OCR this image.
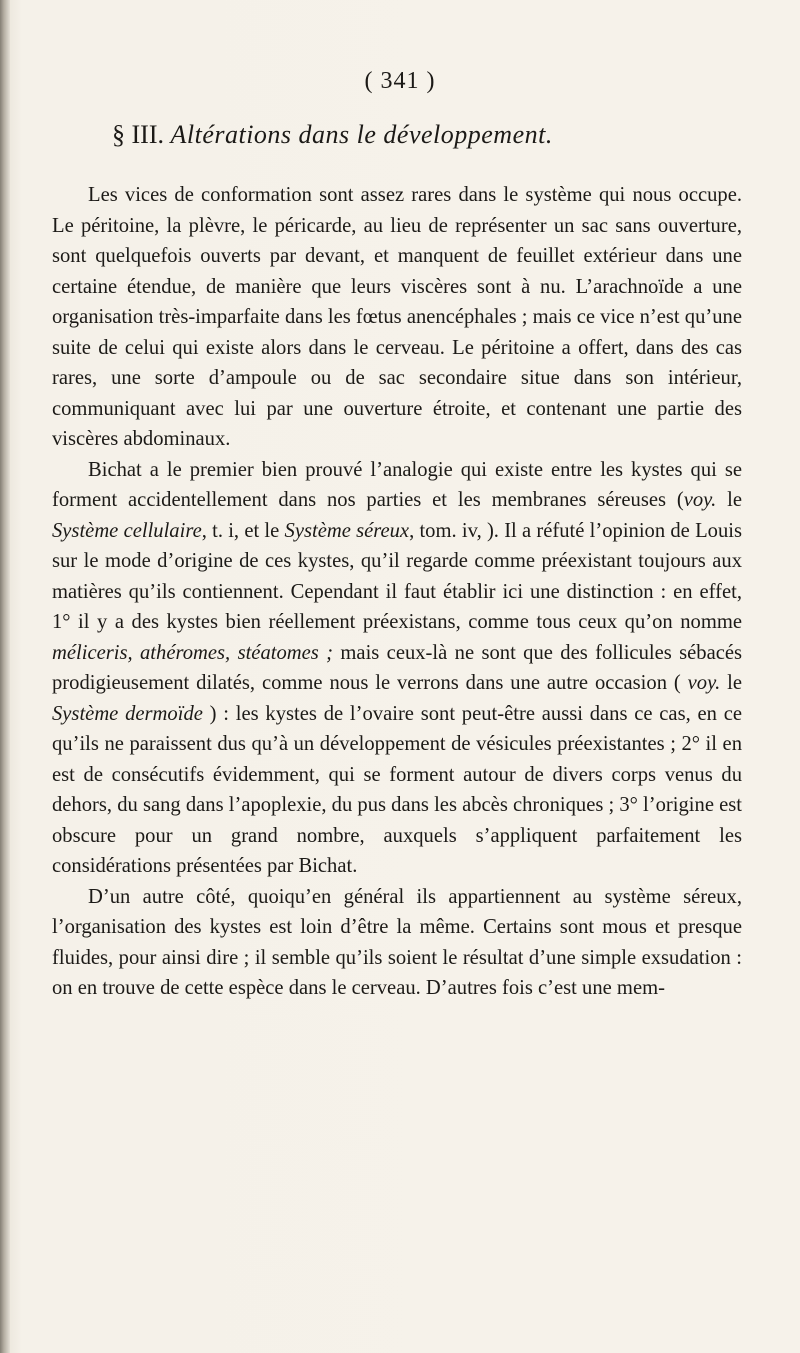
( 341 )
§ III. Altérations dans le développement.

Les vices de conformation sont assez rares dans le système qui nous occupe. Le péritoine, la plèvre, le péricarde, au lieu de représenter un sac sans ouverture, sont quelquefois ouverts par devant, et manquent de feuillet extérieur dans une certaine étendue, de manière que leurs viscères sont à nu. L’arachnoïde a une organisation très-imparfaite dans les fœtus anencéphales ; mais ce vice n’est qu’une suite de celui qui existe alors dans le cerveau. Le péritoine a offert, dans des cas rares, une sorte d’ampoule ou de sac secondaire situe dans son intérieur, communiquant avec lui par une ouverture étroite, et contenant une partie des viscères abdominaux.

Bichat a le premier bien prouvé l’analogie qui existe entre les kystes qui se forment accidentellement dans nos parties et les membranes séreuses (voy. le Système cellulaire, t. i, et le Système séreux, tom. iv, ). Il a réfuté l’opinion de Louis sur le mode d’origine de ces kystes, qu’il regarde comme préexistant toujours aux matières qu’ils contiennent. Cependant il faut établir ici une distinction : en effet, 1° il y a des kystes bien réellement préexistans, comme tous ceux qu’on nomme méliceris, athéromes, stéatomes ; mais ceux-là ne sont que des follicules sébacés prodigieusement dilatés, comme nous le verrons dans une autre occasion ( voy. le Système dermoïde ) : les kystes de l’ovaire sont peut-être aussi dans ce cas, en ce qu’ils ne paraissent dus qu’à un développement de vésicules préexistantes ; 2° il en est de consécutifs évidemment, qui se forment autour de divers corps venus du dehors, du sang dans l’apoplexie, du pus dans les abcès chroniques ; 3° l’origine est obscure pour un grand nombre, auxquels s’appliquent parfaitement les considérations présentées par Bichat.

D’un autre côté, quoiqu’en général ils appartiennent au système séreux, l’organisation des kystes est loin d’être la même. Certains sont mous et presque fluides, pour ainsi dire ; il semble qu’ils soient le résultat d’une simple exsudation : on en trouve de cette espèce dans le cerveau. D’autres fois c’est une mem-
